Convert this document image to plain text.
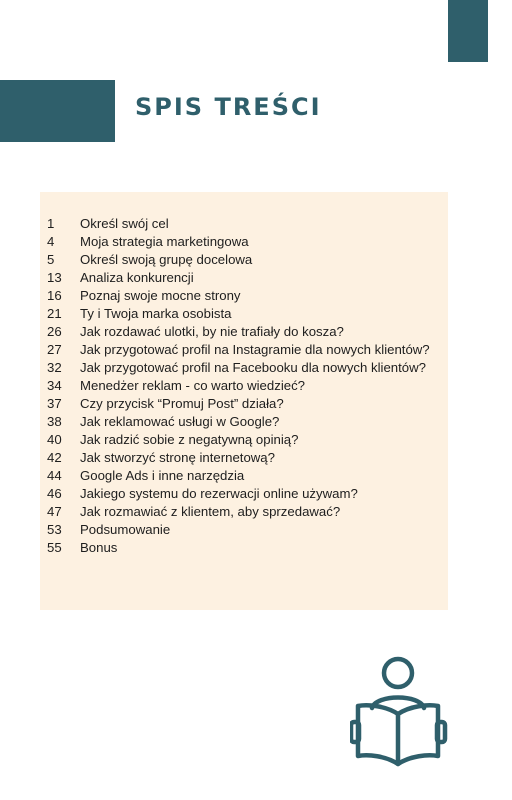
SPIS TREŚCI
1	Określ swój cel
4	Moja strategia marketingowa
5	Określ swoją grupę docelowa
13	Analiza konkurencji
16	Poznaj swoje mocne strony
21	Ty i Twoja marka osobista
26	Jak rozdawać ulotki, by nie trafiały do kosza?
27	Jak przygotować profil na Instagramie dla nowych klientów?
32	Jak przygotować profil na Facebooku dla nowych klientów?
34	Menedżer reklam - co warto wiedzieć?
37	Czy przycisk “Promuj Post” działa?
38	Jak reklamować usługi w Google?
40	Jak radzić sobie z negatywną opinią?
42	Jak stworzyć stronę internetową?
44	Google Ads i inne narzędzia
46	Jakiego systemu do rezerwacji online używam?
47	Jak rozmawiać z klientem, aby sprzedawać?
53	Podsumowanie
55	Bonus
